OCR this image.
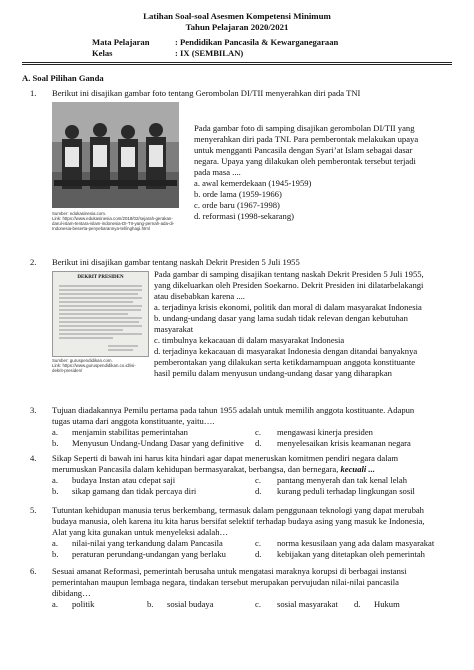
Latihan Soal-soal Asesmen Kompetensi Minimum
Tahun Pelajaran 2020/2021
Mata Pelajaran	: Pendidikan Pancasila & Kewarganegaraan
Kelas	: IX (SEMBILAN)
A. Soal Pilihan Ganda
1. Berikut ini disajikan gambar foto tentang Gerombolan DI/TII menyerahkan diri pada TNI
Sumber: edukasinesia.com.
Link: https://www.edukasinesia.com/2018/02/sejarah-gerakan-
darul-islam-tentara-islam-indonesia-DI-TII-yang-pernah-ada-di-
Indonesia-beserta-penyebarannya-tel/inghagi.html
Pada gambar foto di samping disajikan gerombolan DI/TII yang
menyerahkan diri pada TNI. Para pemberontak melakukan upaya
untuk mengganti Pancasila dengan Syari’at Islam sebagai dasar
negara. Upaya yang dilakukan oleh pemberontak tersebut terjadi
pada masa ....
a. awal kemerdekaan (1945-1959)
b. orde lama (1959-1966)
c. orde baru (1967-1998)
d. reformasi (1998-sekarang)
2. Berikut ini disajikan gambar tentang naskah Dekrit Presiden 5 Juli 1955
DEKRIT PRESIDEN
Sumber: guruspendidikan.com.
Link: https://www.guruspendidikan.co.id/isi-
dekrit-presiden/
Pada gambar di samping disajikan tentang naskah Dekrit Presiden 5 Juli 1955,
yang dikeluarkan oleh Presiden Soekarno. Dekrit Presiden ini dilatarbelakangi
atau disebabkan karena ....
a. terjadinya krisis ekonomi, politik dan moral di dalam masyarakat Indonesia
b. undang-undang dasar yang lama sudah tidak relevan dengan kebutuhan
masyarakat
c. timbulnya kekacauan di dalam masyarakat Indonesia
d. terjadinya kekacauan di masyarakat Indonesia dengan ditandai banyaknya
pemberontakan yang dilakukan serta ketikdamampuan anggota konstituante
hasil pemilu dalam menyusun undang-undang dasar yang diharapkan
3. Tujuan diadakannya Pemilu pertama pada tahun 1955 adalah untuk memilih anggota kostituante. Adapun
tugas utama dari anggota konstituante, yaitu….
a. menjamin stabilitas pemerintahan	c. mengawasi kinerja presiden
b. Menyusun Undang-Undang Dasar yang definitive d. menyelesaikan krisis keamanan negara
4. Sikap Seperti di bawah ini harus kita hindari agar dapat meneruskan komitmen pendiri negara dalam
merumuskan Pancasila dalam kehidupan bermasyarakat, berbangsa, dan bernegara, kecuali ...
a. budaya Instan atau cdepat saji	c. pantang menyerah dan tak kenal lelah
b. sikap gamang dan tidak percaya diri	d. kurang peduli terhadap lingkungan sosil
5. Tutuntan kehidupan manusia terus berkembang, termasuk dalam penggunaan teknologi yang dapat merubah
budaya manusia, oleh karena itu kita harus bersifat selektif terhadap budaya asing yang masuk ke Indonesia,
Alat yang kita gunakan untuk menyeleksi adalah…
a. nilai-nilai yang terkandung dalam Pancasila	c. norma kesusilaan yang ada dalam masyarakat
b. peraturan perundang-undangan yang berlaku	d. kebijakan yang ditetapkan oleh pemerintah
6. Sesuai amanat Reformasi, pemerintah berusaha untuk mengatasi maraknya korupsi di berbagai instansi
pemerintahan maupun lembaga negara, tindakan tersebut merupakan pervujudan nilai-nilai pancasila
dibidang…
a. politik	b. sosial budaya	c. sosial masyarakat d. Hukum
